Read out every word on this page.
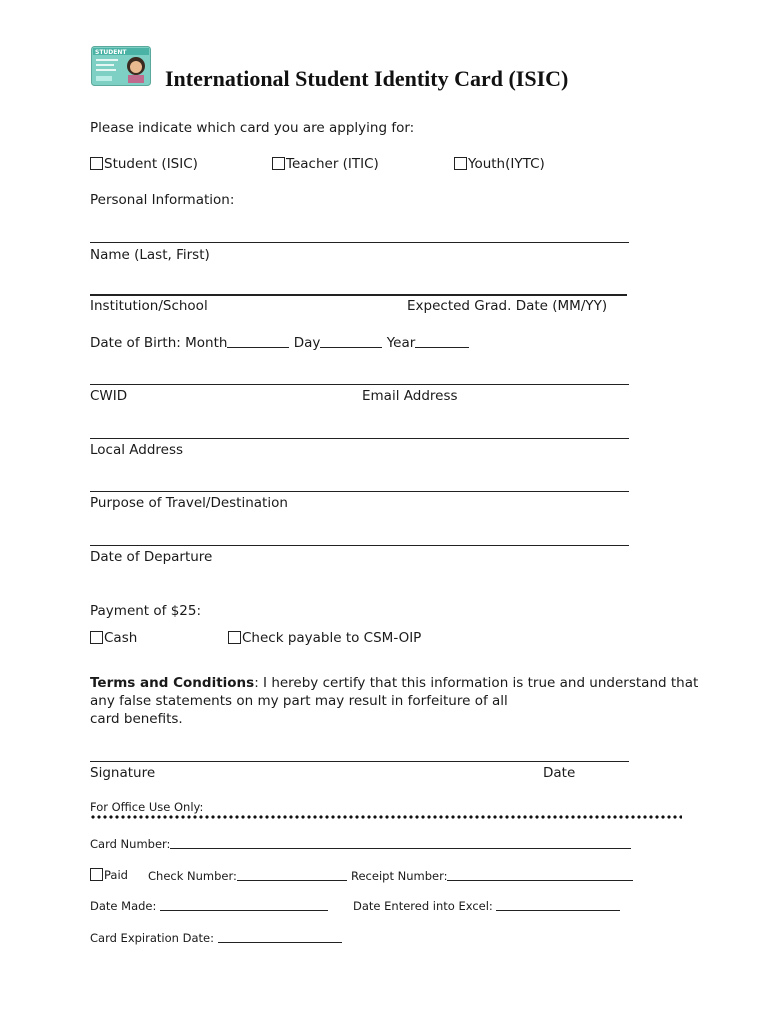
STUDENT
International Student Identity Card (ISIC)
Please indicate which card you are applying for:
Student (ISIC)	Teacher (ITIC)	Youth(IYTC)
Personal Information:
Name (Last, First)
Institution/School	Expected Grad. Date (MM/YY)
Date of Birth: Month	Day	Year
CWID	Email Address
Local Address
Purpose of Travel/Destination
Date of Departure
Payment of $25:
Cash	Check payable to CSM-OIP
Terms and Conditions: I hereby certify that this information is true and understand that
any false statements on my part may result in forfeiture of all
card benefits.
Signature	Date
For Office Use Only:
Card Number:
Paid Check Number:	Receipt Number:
Date Made:	Date Entered into Excel:
Card Expiration Date:
